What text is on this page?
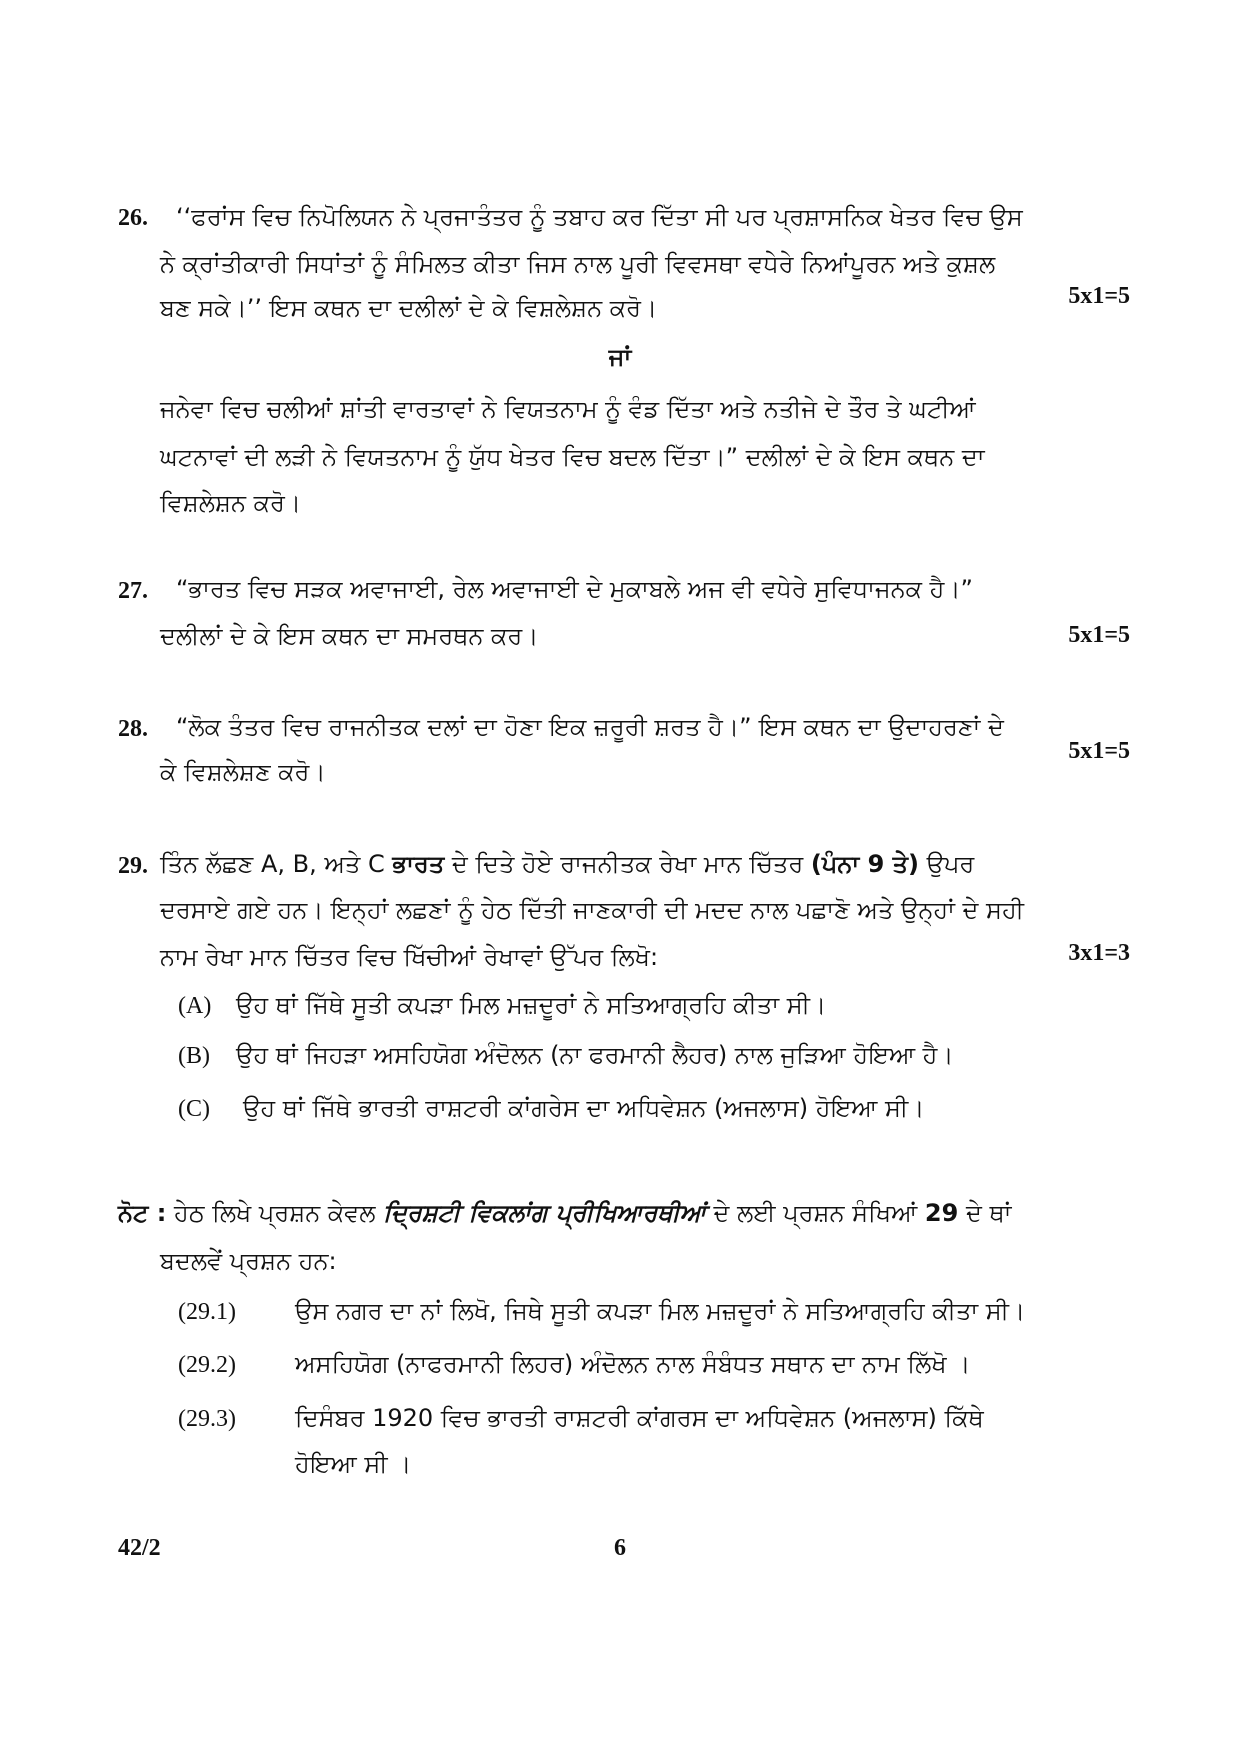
26. ‘‘ਫਰਾਂਸ ਵਿਚ ਨਿਪੋਲਿਯਨ ਨੇ ਪ੍ਰਜਾਤੰਤਰ ਨੂੰ ਤਬਾਹ ਕਰ ਦਿੱਤਾ ਸੀ ਪਰ ਪ੍ਰਸ਼ਾਸਨਿਕ ਖੇਤਰ ਵਿਚ ਉਸ
ਨੇ ਕ੍ਰਾਂਤੀਕਾਰੀ ਸਿਧਾਂਤਾਂ ਨੂੰ ਸੰਮਿਲਤ ਕੀਤਾ ਜਿਸ ਨਾਲ ਪੂਰੀ ਵਿਵਸਥਾ ਵਧੇਰੇ ਨਿਆਂਪੂਰਨ ਅਤੇ ਕੁਸ਼ਲ
ਬਣ ਸਕੇ।’’ ਇਸ ਕਥਨ ਦਾ ਦਲੀਲਾਂ ਦੇ ਕੇ ਵਿਸ਼ਲੇਸ਼ਨ ਕਰੋ।	5x1=5
ਜਾਂ
ਜਨੇਵਾ ਵਿਚ ਚਲੀਆਂ ਸ਼ਾਂਤੀ ਵਾਰਤਾਵਾਂ ਨੇ ਵਿਯਤਨਾਮ ਨੂੰ ਵੰਡ ਦਿੱਤਾ ਅਤੇ ਨਤੀਜੇ ਦੇ ਤੌਰ ਤੇ ਘਟੀਆਂ
ਘਟਨਾਵਾਂ ਦੀ ਲੜੀ ਨੇ ਵਿਯਤਨਾਮ ਨੂੰ ਯੁੱਧ ਖੇਤਰ ਵਿਚ ਬਦਲ ਦਿੱਤਾ।” ਦਲੀਲਾਂ ਦੇ ਕੇ ਇਸ ਕਥਨ ਦਾ
ਵਿਸ਼ਲੇਸ਼ਨ ਕਰੋ।
27. “ਭਾਰਤ ਵਿਚ ਸੜਕ ਅਵਾਜਾਈ, ਰੇਲ ਅਵਾਜਾਈ ਦੇ ਮੁਕਾਬਲੇ ਅਜ ਵੀ ਵਧੇਰੇ ਸੁਵਿਧਾਜਨਕ ਹੈ।”
ਦਲੀਲਾਂ ਦੇ ਕੇ ਇਸ ਕਥਨ ਦਾ ਸਮਰਥਨ ਕਰ।	5x1=5
28. “ਲੋਕ ਤੰਤਰ ਵਿਚ ਰਾਜਨੀਤਕ ਦਲਾਂ ਦਾ ਹੋਣਾ ਇਕ ਜ਼ਰੂਰੀ ਸ਼ਰਤ ਹੈ।” ਇਸ ਕਥਨ ਦਾ ਉਦਾਹਰਣਾਂ ਦੇ
ਕੇ ਵਿਸ਼ਲੇਸ਼ਣ ਕਰੋ।
5x1=5
29. ਤਿੰਨ ਲੱਛਣ A, B, ਅਤੇ C ਭਾਰਤ ਦੇ ਦਿਤੇ ਹੋਏ ਰਾਜਨੀਤਕ ਰੇਖਾ ਮਾਨ ਚਿੱਤਰ (ਪੰਨਾ 9 ਤੇ) ਉਪਰ
ਦਰਸਾਏ ਗਏ ਹਨ। ਇਨ੍ਹਾਂ ਲਛਣਾਂ ਨੂੰ ਹੇਠ ਦਿੱਤੀ ਜਾਣਕਾਰੀ ਦੀ ਮਦਦ ਨਾਲ ਪਛਾਣੋ ਅਤੇ ਉਨ੍ਹਾਂ ਦੇ ਸਹੀ
ਨਾਮ ਰੇਖਾ ਮਾਨ ਚਿੱਤਰ ਵਿਚ ਖਿੱਚੀਆਂ ਰੇਖਾਵਾਂ ਉੱਪਰ ਲਿਖੋ:	3x1=3
(A) ਉਹ ਥਾਂ ਜਿੱਥੇ ਸੂਤੀ ਕਪੜਾ ਮਿਲ ਮਜ਼ਦੂਰਾਂ ਨੇ ਸਤਿਆਗ੍ਰਹਿ ਕੀਤਾ ਸੀ।
(B) ਉਹ ਥਾਂ ਜਿਹੜਾ ਅਸਹਿਯੋਗ ਅੰਦੋਲਨ (ਨਾ ਫਰਮਾਨੀ ਲੈਹਰ) ਨਾਲ ਜੁੜਿਆ ਹੋਇਆ ਹੈ।
(C) ਉਹ ਥਾਂ ਜਿੱਥੇ ਭਾਰਤੀ ਰਾਸ਼ਟਰੀ ਕਾਂਗਰੇਸ ਦਾ ਅਧਿਵੇਸ਼ਨ (ਅਜਲਾਸ) ਹੋਇਆ ਸੀ।
ਨੋਟ : ਹੇਠ ਲਿਖੇ ਪ੍ਰਸ਼ਨ ਕੇਵਲ ਦ੍ਰਿਸ਼ਟੀ ਵਿਕਲਾਂਗ ਪ੍ਰੀਖਿਆਰਥੀਆਂ ਦੇ ਲਈ ਪ੍ਰਸ਼ਨ ਸੰਖਿਆਂ 29 ਦੇ ਥਾਂ
ਬਦਲਵੇਂ ਪ੍ਰਸ਼ਨ ਹਨ:
(29.1) ਉਸ ਨਗਰ ਦਾ ਨਾਂ ਲਿਖੋ, ਜਿਥੇ ਸੂਤੀ ਕਪੜਾ ਮਿਲ ਮਜ਼ਦੂਰਾਂ ਨੇ ਸਤਿਆਗ੍ਰਹਿ ਕੀਤਾ ਸੀ।
(29.2) ਅਸਹਿਯੋਗ (ਨਾਫਰਮਾਨੀ ਲਿਹਰ) ਅੰਦੋਲਨ ਨਾਲ ਸੰਬੰਧਤ ਸਥਾਨ ਦਾ ਨਾਮ ਲਿੱਖੋ ।
(29.3) ਦਿਸੰਬਰ 1920 ਵਿਚ ਭਾਰਤੀ ਰਾਸ਼ਟਰੀ ਕਾਂਗਰਸ ਦਾ ਅਧਿਵੇਸ਼ਨ (ਅਜਲਾਸ) ਕਿੱਥੇ
ਹੋਇਆ ਸੀ ।
42/2	6
